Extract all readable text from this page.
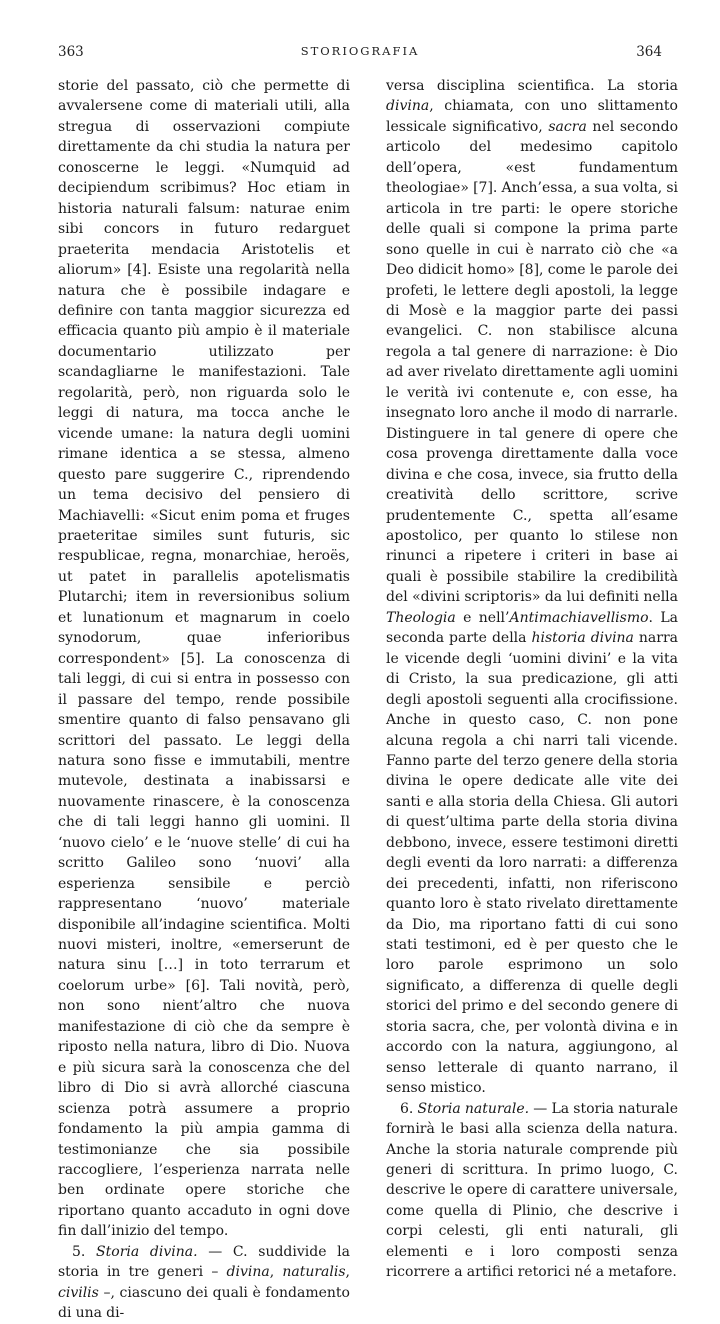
363	STORIOGRAFIA	364

storie del passato, ciò che permette di avvalersene come di materiali utili, alla stregua di osservazioni compiute direttamente da chi studia la natura per conoscerne le leggi. «Numquid ad decipiendum scribimus? Hoc etiam in historia naturali falsum: naturae enim sibi concors in futuro redarguet praeterita mendacia Aristotelis et aliorum» [4]. Esiste una regolarità nella natura che è possibile indagare e definire con tanta maggior sicurezza ed efficacia quanto più ampio è il materiale documentario utilizzato per scandagliarne le manifestazioni. Tale regolarità, però, non riguarda solo le leggi di natura, ma tocca anche le vicende umane: la natura degli uomini rimane identica a se stessa, almeno questo pare suggerire C., riprendendo un tema decisivo del pensiero di Machiavelli: «Sicut enim poma et fruges praeteritae similes sunt futuris, sic respublicae, regna, monarchiae, heroës, ut patet in parallelis apotelismatis Plutarchi; item in reversionibus solium et lunationum et magnarum in coelo synodorum, quae inferioribus correspondent» [5]. La conoscenza di tali leggi, di cui si entra in possesso con il passare del tempo, rende possibile smentire quanto di falso pensavano gli scrittori del passato. Le leggi della natura sono fisse e immutabili, mentre mutevole, destinata a inabissarsi e nuovamente rinascere, è la conoscenza che di tali leggi hanno gli uomini. Il ‘nuovo cielo’ e le ‘nuove stelle’ di cui ha scritto Galileo sono ‘nuovi’ alla esperienza sensibile e perciò rappresentano ‘nuovo’ materiale disponibile all’indagine scientifica. Molti nuovi misteri, inoltre, «emerserunt de natura sinu […] in toto terrarum et coelorum urbe» [6]. Tali novità, però, non sono nient’altro che nuova manifestazione di ciò che da sempre è riposto nella natura, libro di Dio. Nuova e più sicura sarà la conoscenza che del libro di Dio si avrà allorché ciascuna scienza potrà assumere a proprio fondamento la più ampia gamma di testimonianze che sia possibile raccogliere, l’esperienza narrata nelle ben ordinate opere storiche che riportano quanto accaduto in ogni dove fin dall’inizio del tempo.

5. Storia divina. — C. suddivide la storia in tre generi – divina, naturalis, civilis –, ciascuno dei quali è fondamento di una di-

versa disciplina scientifica. La storia divina, chiamata, con uno slittamento lessicale significativo, sacra nel secondo articolo del medesimo capitolo dell’opera, «est fundamentum theologiae» [7]. Anch’essa, a sua volta, si articola in tre parti: le opere storiche delle quali si compone la prima parte sono quelle in cui è narrato ciò che «a Deo didicit homo» [8], come le parole dei profeti, le lettere degli apostoli, la legge di Mosè e la maggior parte dei passi evangelici. C. non stabilisce alcuna regola a tal genere di narrazione: è Dio ad aver rivelato direttamente agli uomini le verità ivi contenute e, con esse, ha insegnato loro anche il modo di narrarle. Distinguere in tal genere di opere che cosa provenga direttamente dalla voce divina e che cosa, invece, sia frutto della creatività dello scrittore, scrive prudentemente C., spetta all’esame apostolico, per quanto lo stilese non rinunci a ripetere i criteri in base ai quali è possibile stabilire la credibilità del «divini scriptoris» da lui definiti nella Theologia e nell’Antimachiavellismo. La seconda parte della historia divina narra le vicende degli ‘uomini divini’ e la vita di Cristo, la sua predicazione, gli atti degli apostoli seguenti alla crocifissione. Anche in questo caso, C. non pone alcuna regola a chi narri tali vicende. Fanno parte del terzo genere della storia divina le opere dedicate alle vite dei santi e alla storia della Chiesa. Gli autori di quest’ultima parte della storia divina debbono, invece, essere testimoni diretti degli eventi da loro narrati: a differenza dei precedenti, infatti, non riferiscono quanto loro è stato rivelato direttamente da Dio, ma riportano fatti di cui sono stati testimoni, ed è per questo che le loro parole esprimono un solo significato, a differenza di quelle degli storici del primo e del secondo genere di storia sacra, che, per volontà divina e in accordo con la natura, aggiungono, al senso letterale di quanto narrano, il senso mistico.

6. Storia naturale. — La storia naturale fornirà le basi alla scienza della natura. Anche la storia naturale comprende più generi di scrittura. In primo luogo, C. descrive le opere di carattere universale, come quella di Plinio, che descrive i corpi celesti, gli enti naturali, gli elementi e i loro composti senza ricorrere a artifici retorici né a metafore.
